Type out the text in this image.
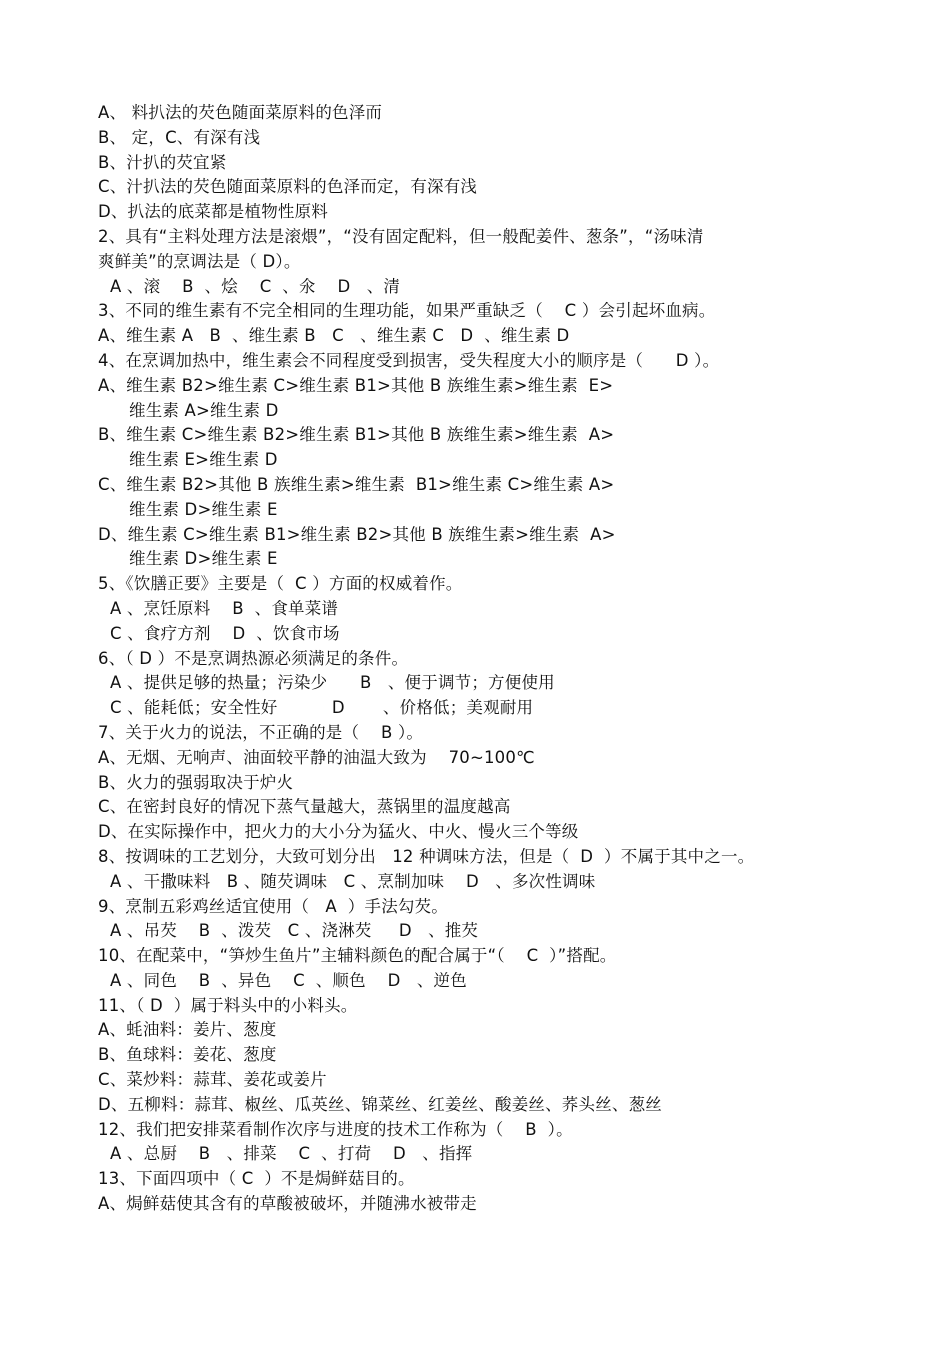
A、 料扒法的芡色随面菜原料的色泽而
B、 定，C、有深有浅
B、汁扒的芡宜紧
C、汁扒法的芡色随面菜原料的色泽而定，有深有浅
D、扒法的底菜都是植物性原料
2、具有“主料处理方法是滚煨”，“没有固定配料，但一般配姜件、葱条”，“汤味清
爽鲜美”的烹调法是（ D）。
A 、滚    B  、烩    C  、氽    D   、清
3、不同的维生素有不完全相同的生理功能，如果严重缺乏（    C ）会引起坏血病。
A、维生素 A   B  、维生素 B   C   、维生素 C   D  、维生素 D
4、在烹调加热中，维生素会不同程度受到损害，受失程度大小的顺序是（      D ）。
A、维生素 B2>维生素 C>维生素 B1>其他 B 族维生素>维生素  E>
维生素 A>维生素 D
B、维生素 C>维生素 B2>维生素 B1>其他 B 族维生素>维生素  A>
维生素 E>维生素 D
C、维生素 B2>其他 B 族维生素>维生素  B1>维生素 C>维生素 A>
维生素 D>维生素 E
D、维生素 C>维生素 B1>维生素 B2>其他 B 族维生素>维生素  A>
维生素 D>维生素 E
5、《饮膳正要》主要是（  C ）方面的权威着作。
A 、烹饪原料    B  、食单菜谱
C 、食疗方剂    D  、饮食市场
6、（ D ）不是烹调热源必须满足的条件。
A 、提供足够的热量；污染少      B   、便于调节；方便使用
C 、能耗低；安全性好          D       、价格低；美观耐用
7、关于火力的说法，不正确的是（    B ）。
A、无烟、无响声、油面较平静的油温大致为    70~100℃
B、火力的强弱取决于炉火
C、在密封良好的情况下蒸气量越大，蒸锅里的温度越高
D、在实际操作中，把火力的大小分为猛火、中火、慢火三个等级
8、按调味的工艺划分，大致可划分出   12 种调味方法，但是（  D  ）不属于其中之一。
A 、干撒味料   B 、随芡调味   C 、烹制加味    D   、多次性调味
9、烹制五彩鸡丝适宜使用（   A  ）手法勾芡。
A 、吊芡    B  、泼芡   C 、浇淋芡     D   、推芡
10、在配菜中，“笋炒生鱼片”主辅料颜色的配合属于“（    C  ）”搭配。
A 、同色    B  、异色    C  、顺色    D   、逆色
11、（ D  ）属于料头中的小料头。
A、蚝油料：姜片、葱度
B、鱼球料：姜花、葱度
C、菜炒料：蒜茸、姜花或姜片
D、五柳料：蒜茸、椒丝、瓜英丝、锦菜丝、红姜丝、酸姜丝、荞头丝、葱丝
12、我们把安排菜看制作次序与进度的技术工作称为（    B  ）。
A 、总厨    B   、排菜    C  、打荷    D   、指挥
13、下面四项中（ C  ）不是焗鲜菇目的。
A、焗鲜菇使其含有的草酸被破坏，并随沸水被带走
